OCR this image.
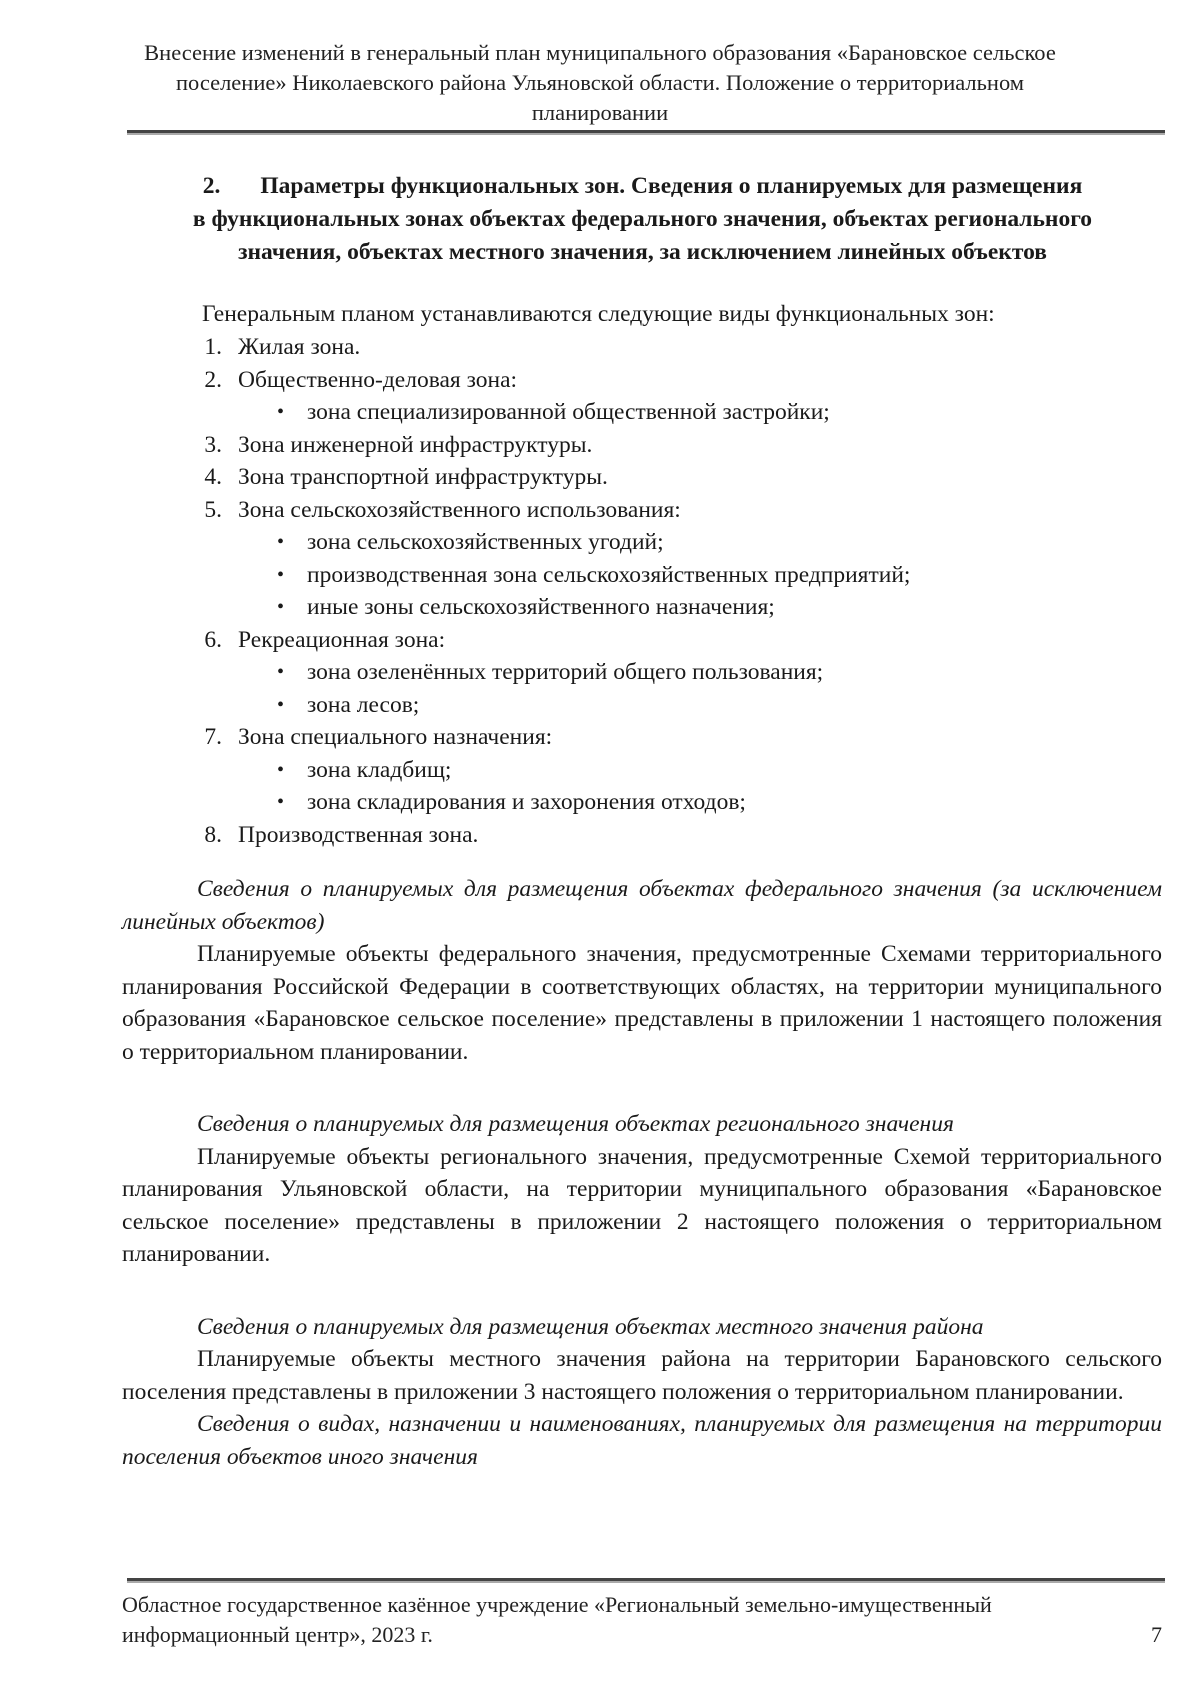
Внесение изменений в генеральный план муниципального образования «Барановское сельское
поселение» Николаевского района Ульяновской области. Положение о территориальном
планировании
2. Параметры функциональных зон. Сведения о планируемых для размещения
в функциональных зонах объектах федерального значения, объектах регионального
значения, объектах местного значения, за исключением линейных объектов

Генеральным планом устанавливаются следующие виды функциональных зон:

1. Жилая зона.
2. Общественно-деловая зона:
• зона специализированной общественной застройки;
3. Зона инженерной инфраструктуры.
4. Зона транспортной инфраструктуры.
5. Зона сельскохозяйственного использования:
• зона сельскохозяйственных угодий;
• производственная зона сельскохозяйственных предприятий;
• иные зоны сельскохозяйственного назначения;
6. Рекреационная зона:
• зона озеленённых территорий общего пользования;
• зона лесов;
7. Зона специального назначения:
• зона кладбищ;
• зона складирования и захоронения отходов;
8. Производственная зона.

Сведения о планируемых для размещения объектах федерального значения (за исключением линейных объектов)

Планируемые объекты федерального значения, предусмотренные Схемами территориального планирования Российской Федерации в соответствующих областях, на территории муниципального образования «Барановское сельское поселение» представлены в приложении 1 настоящего положения о территориальном планировании.

Сведения о планируемых для размещения объектах регионального значения

Планируемые объекты регионального значения, предусмотренные Схемой территориального планирования Ульяновской области, на территории муниципального образования «Барановское сельское поселение» представлены в приложении 2 настоящего положения о территориальном планировании.

Сведения о планируемых для размещения объектах местного значения района

Планируемые объекты местного значения района на территории Барановского сельского поселения представлены в приложении 3 настоящего положения о территориальном планировании.

Сведения о видах, назначении и наименованиях, планируемых для размещения на территории поселения объектов иного значения

Областное государственное казённое учреждение «Региональный земельно-имущественный
информационный центр», 2023 г.	7
